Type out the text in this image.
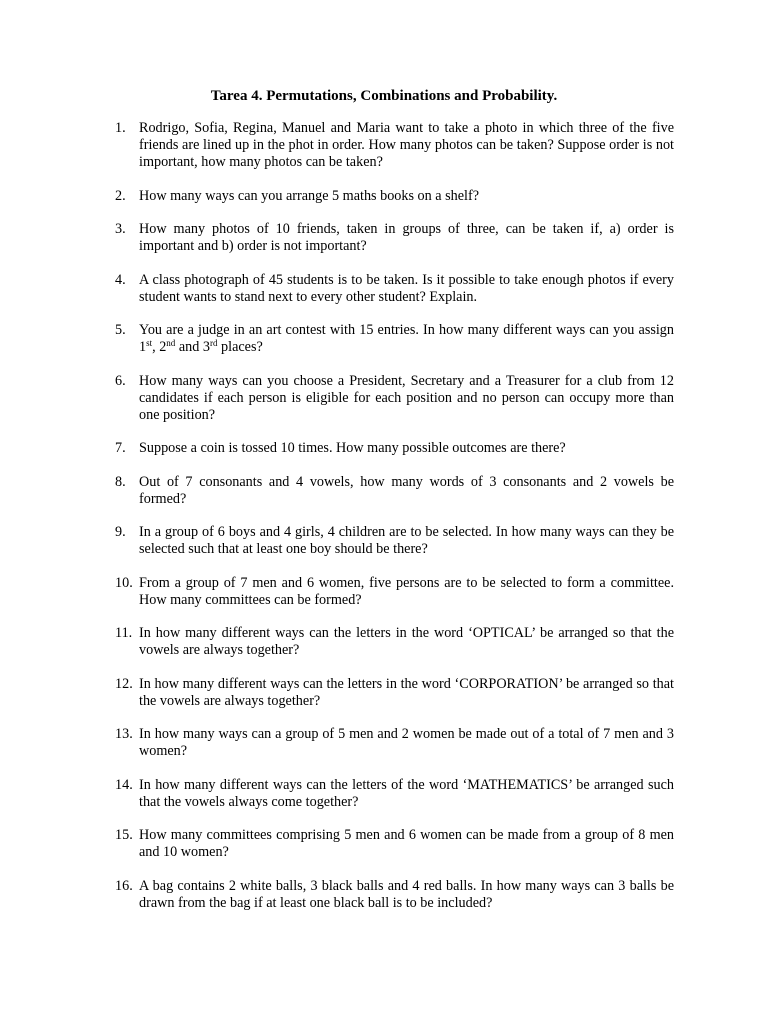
Tarea 4. Permutations, Combinations and Probability.
1. Rodrigo, Sofia, Regina, Manuel and Maria want to take a photo in which three of the five friends are lined up in the phot in order. How many photos can be taken? Suppose order is not important, how many photos can be taken?
2. How many ways can you arrange 5 maths books on a shelf?
3. How many photos of 10 friends, taken in groups of three, can be taken if, a) order is important and b) order is not important?
4. A class photograph of 45 students is to be taken. Is it possible to take enough photos if every student wants to stand next to every other student? Explain.
5. You are a judge in an art contest with 15 entries. In how many different ways can you assign 1st, 2nd and 3rd places?
6. How many ways can you choose a President, Secretary and a Treasurer for a club from 12 candidates if each person is eligible for each position and no person can occupy more than one position?
7. Suppose a coin is tossed 10 times. How many possible outcomes are there?
8. Out of 7 consonants and 4 vowels, how many words of 3 consonants and 2 vowels be formed?
9. In a group of 6 boys and 4 girls, 4 children are to be selected. In how many ways can they be selected such that at least one boy should be there?
10. From a group of 7 men and 6 women, five persons are to be selected to form a committee. How many committees can be formed?
11. In how many different ways can the letters in the word ‘OPTICAL’ be arranged so that the vowels are always together?
12. In how many different ways can the letters in the word ‘CORPORATION’ be arranged so that the vowels are always together?
13. In how many ways can a group of 5 men and 2 women be made out of a total of 7 men and 3 women?
14. In how many different ways can the letters of the word ‘MATHEMATICS’ be arranged such that the vowels always come together?
15. How many committees comprising 5 men and 6 women can be made from a group of 8 men and 10 women?
16. A bag contains 2 white balls, 3 black balls and 4 red balls. In how many ways can 3 balls be drawn from the bag if at least one black ball is to be included?
